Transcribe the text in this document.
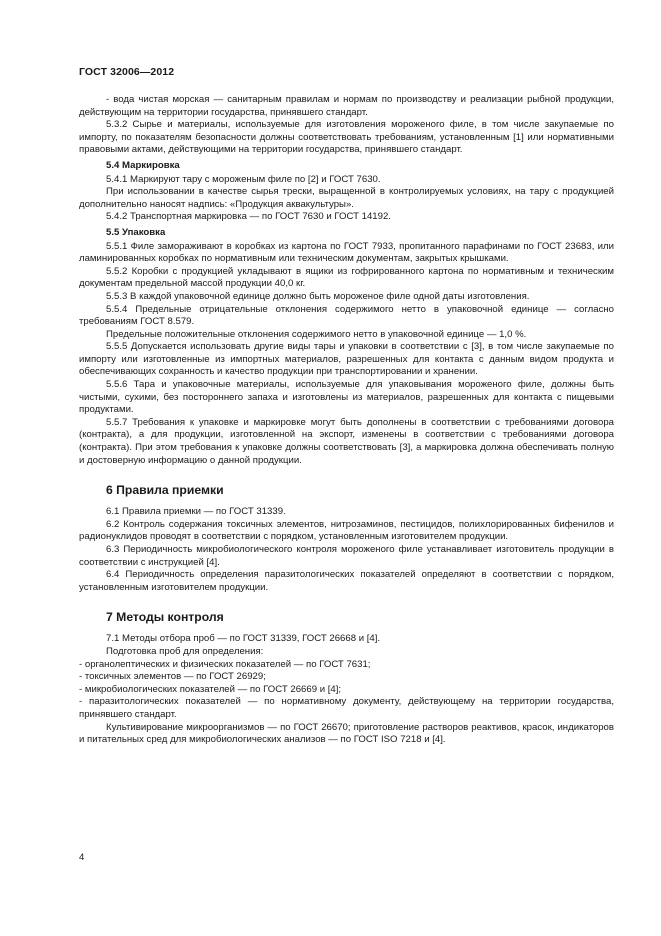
ГОСТ 32006—2012

- вода чистая морская — санитарным правилам и нормам по производству и реализации рыбной продукции, действующим на территории государства, принявшего стандарт.

5.3.2 Сырье и материалы, используемые для изготовления мороженого филе, в том числе закупаемые по импорту, по показателям безопасности должны соответствовать требованиям, установленным [1] или нормативными правовыми актами, действующими на территории государства, принявшего стандарт.

5.4 Маркировка

5.4.1 Маркируют тару с мороженым филе по [2] и ГОСТ 7630.

При использовании в качестве сырья трески, выращенной в контролируемых условиях, на тару с продукцией дополнительно наносят надпись: «Продукция аквакультуры».

5.4.2 Транспортная маркировка — по ГОСТ 7630 и ГОСТ 14192.

5.5 Упаковка

5.5.1 Филе замораживают в коробках из картона по ГОСТ 7933, пропитанного парафинами по ГОСТ 23683, или ламинированных коробках по нормативным или техническим документам, закрытых крышками.

5.5.2 Коробки с продукцией укладывают в ящики из гофрированного картона по нормативным и техническим документам предельной массой продукции 40,0 кг.

5.5.3 В каждой упаковочной единице должно быть мороженое филе одной даты изготовления.

5.5.4 Предельные отрицательные отклонения содержимого нетто в упаковочной единице — согласно требованиям ГОСТ 8.579.

Предельные положительные отклонения содержимого нетто в упаковочной единице — 1,0 %.

5.5.5 Допускается использовать другие виды тары и упаковки в соответствии с [3], в том числе закупаемые по импорту или изготовленные из импортных материалов, разрешенных для контакта с данным видом продукта и обеспечивающих сохранность и качество продукции при транспортировании и хранении.

5.5.6 Тара и упаковочные материалы, используемые для упаковывания мороженого филе, должны быть чистыми, сухими, без постороннего запаха и изготовлены из материалов, разрешенных для контакта с пищевыми продуктами.

5.5.7 Требования к упаковке и маркировке могут быть дополнены в соответствии с требованиями договора (контракта), а для продукции, изготовленной на экспорт, изменены в соответствии с требованиями договора (контракта). При этом требования к упаковке должны соответствовать [3], а маркировка должна обеспечивать полную и достоверную информацию о данной продукции.

6 Правила приемки

6.1 Правила приемки — по ГОСТ 31339.

6.2 Контроль содержания токсичных элементов, нитрозаминов, пестицидов, полихлорированных бифенилов и радионуклидов проводят в соответствии с порядком, установленным изготовителем продукции.

6.3 Периодичность микробиологического контроля мороженого филе устанавливает изготовитель продукции в соответствии с инструкцией [4].

6.4 Периодичность определения паразитологических показателей определяют в соответствии с порядком, установленным изготовителем продукции.

7 Методы контроля

7.1 Методы отбора проб — по ГОСТ 31339, ГОСТ 26668 и [4].

Подготовка проб для определения:

- органолептических и физических показателей — по ГОСТ 7631;

- токсичных элементов — по ГОСТ 26929;

- микробиологических показателей — по ГОСТ 26669 и [4];

- паразитологических показателей — по нормативному документу, действующему на территории государства, принявшего стандарт.

Культивирование микроорганизмов — по ГОСТ 26670; приготовление растворов реактивов, красок, индикаторов и питательных сред для микробиологических анализов — по ГОСТ ISO 7218 и [4].

4
